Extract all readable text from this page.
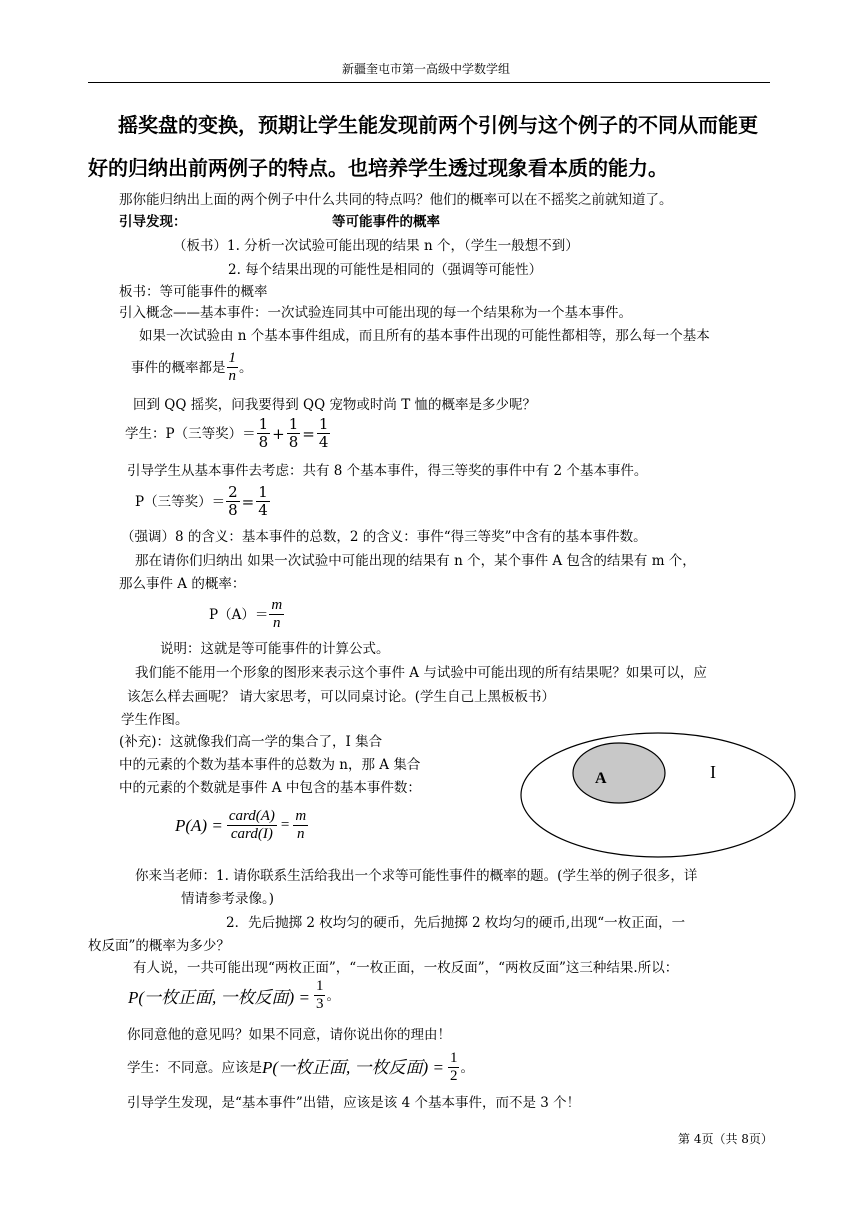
新疆奎屯市第一高级中学数学组
摇奖盘的变换，预期让学生能发现前两个引例与这个例子的不同从而能更
好的归纳出前两例子的特点。也培养学生透过现象看本质的能力。
那你能归纳出上面的两个例子中什么共同的特点吗？他们的概率可以在不摇奖之前就知道了。
引导发现：	等可能事件的概率
（板书）1. 分析一次试验可能出现的结果 n 个，（学生一般想不到）
2. 每个结果出现的可能性是相同的（强调等可能性）
板书：等可能事件的概率
引入概念——基本事件：一次试验连同其中可能出现的每一个结果称为一个基本事件。
如果一次试验由 n 个基本事件组成，而且所有的基本事件出现的可能性都相等，那么每一个基本
事件的概率都是 $\frac{1}{n}$ 。
回到 QQ 摇奖，问我要得到 QQ 宠物或时尚 T 恤的概率是多少呢？
学生：P（三等奖）＝ $\frac{1}{8} + \frac{1}{8} = \frac{1}{4}$
引导学生从基本事件去考虑：共有 8 个基本事件，得三等奖的事件中有 2 个基本事件。
P（三等奖）＝ $\frac{2}{8} = \frac{1}{4}$
（强调）8 的含义：基本事件的总数，2 的含义：事件“得三等奖”中含有的基本事件数。
那在请你们归纳出 如果一次试验中可能出现的结果有 n 个，某个事件 A 包含的结果有 m 个，
那么事件 A 的概率：
$P(A)= \frac{m}{n}$
说明：这就是等可能事件的计算公式。
我们能不能用一个形象的图形来表示这个事件 A 与试验中可能出现的所有结果呢？如果可以，应
该怎么样去画呢？ 请大家思考，可以同桌讨论。(学生自己上黑板板书）
学生作图。
(补充)：这就像我们高一学的集合了，I 集合
中的元素的个数为基本事件的总数为 n，那 A 集合
中的元素的个数就是事件 A 中包含的基本事件数：
A	I
$P(A) = \frac{\text{card(A)}}{\text{card(I)}} = \frac{m}{n}$
你来当老师：1. 请你联系生活给我出一个求等可能性事件的概率的题。(学生举的例子很多，详
情请参考录像。)
2．先后抛掷 2 枚均匀的硬币，先后抛掷 2 枚均匀的硬币,出现“一枚正面，一
枚反面”的概率为多少？
有人说，一共可能出现“两枚正面”，“一枚正面，一枚反面”，“两枚反面”这三种结果.所以：
P(一枚正面, 一枚反面) = $\frac{1}{3}$ 。
你同意他的意见吗？如果不同意，请你说出你的理由！
学生：不同意。应该是 P(一枚正面, 一枚反面) = $\frac{1}{2}$ 。
引导学生发现，是“基本事件”出错，应该是该 4 个基本事件，而不是 3 个！
第 4页（共 8页）
